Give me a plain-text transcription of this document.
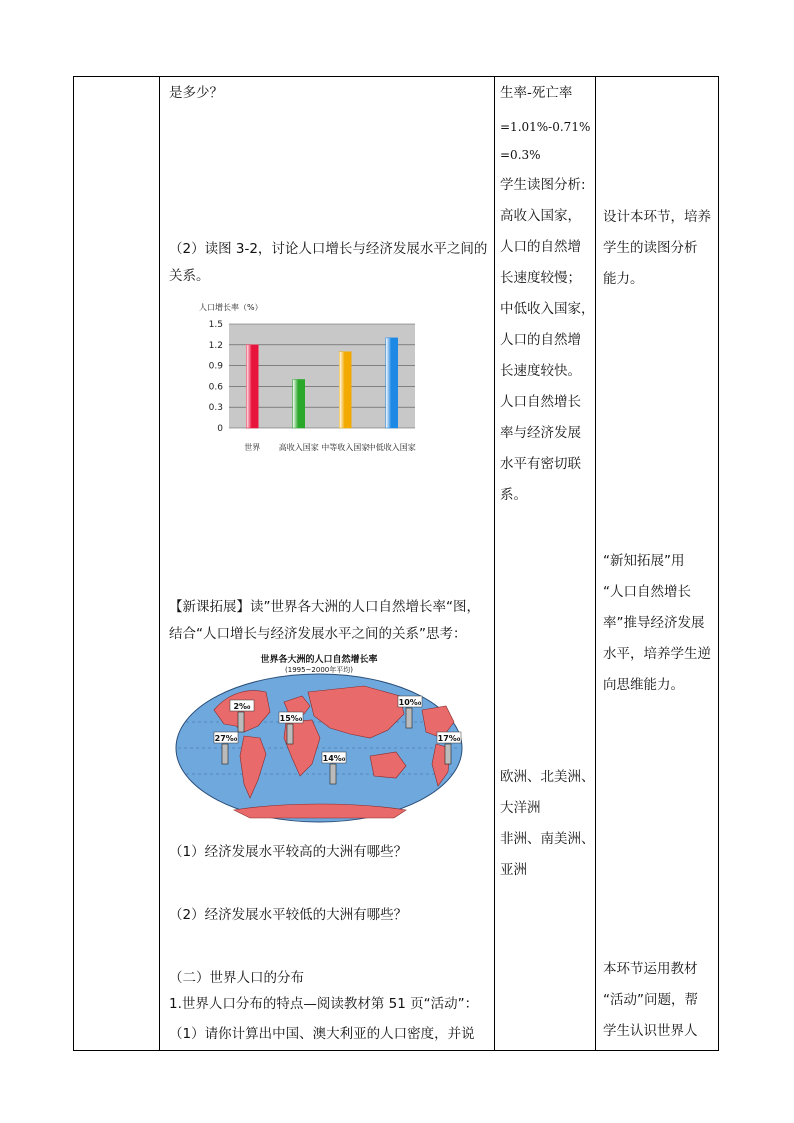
是多少？
（2）读图 3-2，讨论人口增长与经济发展水平之间的
关系。
人口增长率（%）
0
0.3
0.6
0.9
1.2
1.5
世界 高收入国家 中等收入国家
中低收入国家
【新课拓展】读”世界各大洲的人口自然增长率“图，
结合“人口增长与经济发展水平之间的关系”思考：
世界各大洲的人口自然增长率
(1995~2000年平均)
2%₀	10%₀
15%₀
27%₀	17%₀
14%₀
（1）经济发展水平较高的大洲有哪些？
（2）经济发展水平较低的大洲有哪些？
（二）世界人口的分布
1.世界人口分布的特点—阅读教材第 51 页“活动”：
（1）请你计算出中国、澳大利亚的人口密度，并说
生率-死亡率
=1.01%-0.71%
=0.3%
学生读图分析:
高收入国家，
人口的自然增
长速度较慢；
中低收入国家，
人口的自然增
长速度较快。
人口自然增长
率与经济发展
水平有密切联
系。
欧洲、北美洲、
大洋洲
非洲、南美洲、
亚洲
设计本环节，培养
学生的读图分析
能力。
“新知拓展”用
“人口自然增长
率”推导经济发展
水平，培养学生逆
向思维能力。
本环节运用教材
“活动”问题，帮
学生认识世界人
